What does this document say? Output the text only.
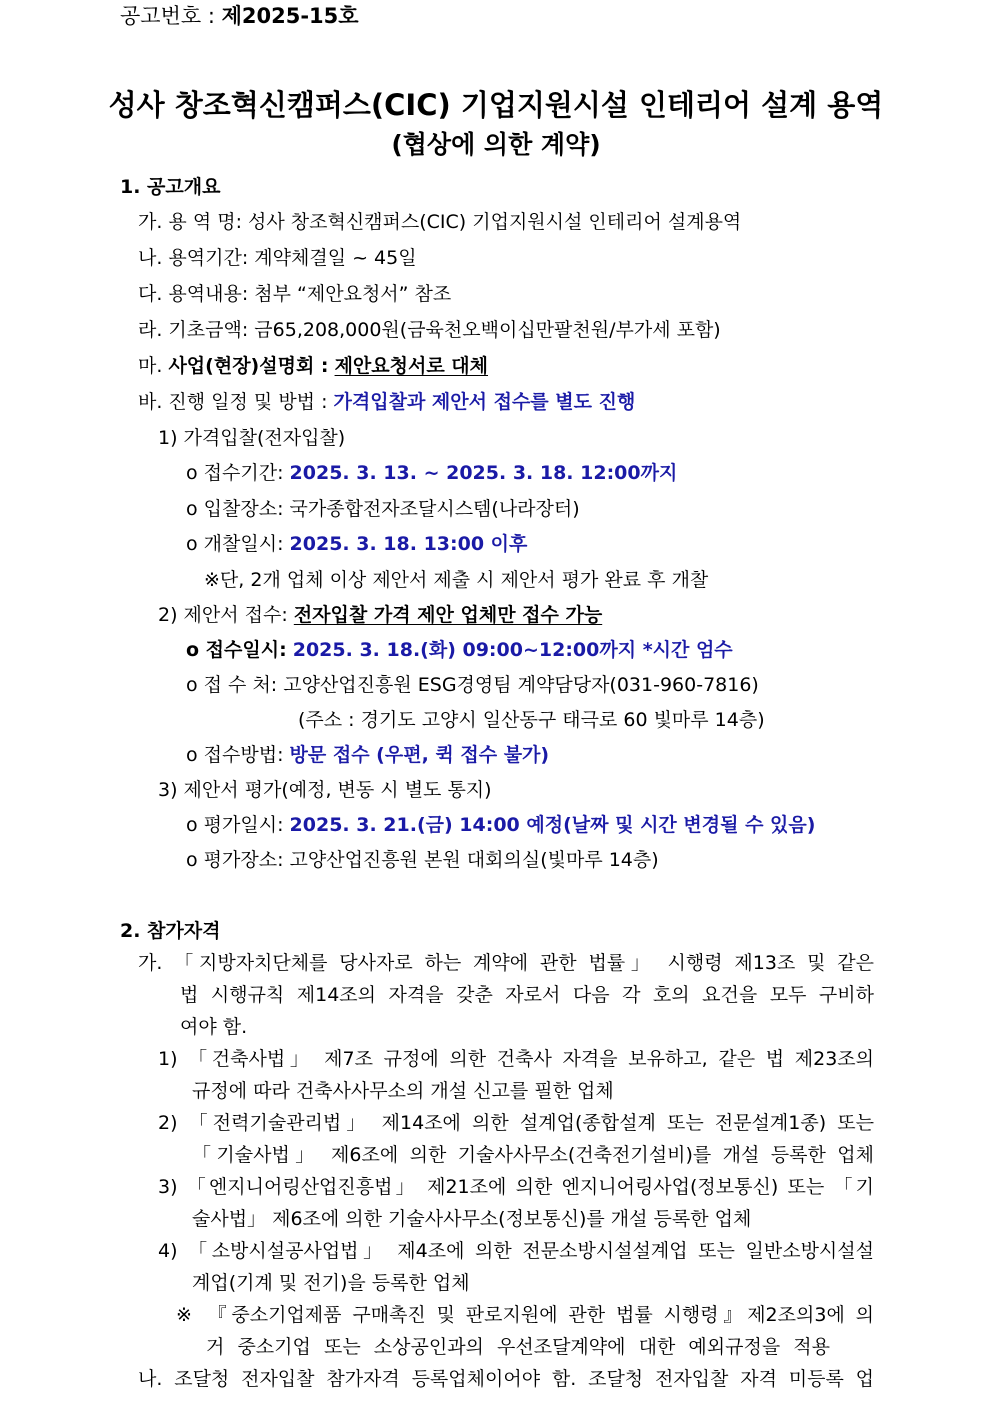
공고번호 : 제2025-15호
성사 창조혁신캠퍼스(CIC) 기업지원시설 인테리어 설계 용역
(협상에 의한 계약)
1. 공고개요
가. 용 역 명: 성사 창조혁신캠퍼스(CIC) 기업지원시설 인테리어 설계용역
나. 용역기간: 계약체결일 ~ 45일
다. 용역내용: 첨부 “제안요청서” 참조
라. 기초금액: 금65,208,000원(금육천오백이십만팔천원/부가세 포함)
마. 사업(현장)설명회 : 제안요청서로 대체
바. 진행 일정 및 방법 : 가격입찰과 제안서 접수를 별도 진행
1) 가격입찰(전자입찰)
o 접수기간: 2025. 3. 13. ~ 2025. 3. 18. 12:00까지
o 입찰장소: 국가종합전자조달시스템(나라장터)
o 개찰일시: 2025. 3. 18. 13:00 이후
※단, 2개 업체 이상 제안서 제출 시 제안서 평가 완료 후 개찰
2) 제안서 접수: 전자입찰 가격 제안 업체만 접수 가능
o 접수일시: 2025. 3. 18.(화) 09:00~12:00까지 *시간 엄수
o 접 수 처: 고양산업진흥원 ESG경영팀 계약담당자(031-960-7816)
(주소 : 경기도 고양시 일산동구 태극로 60 빛마루 14층)
o 접수방법: 방문 접수 (우편, 퀵 접수 불가)
3) 제안서 평가(예정, 변동 시 별도 통지)
o 평가일시: 2025. 3. 21.(금) 14:00 예정(날짜 및 시간 변경될 수 있음)
o 평가장소: 고양산업진흥원 본원 대회의실(빛마루 14층)
2. 참가자격
가. 「지방자치단체를 당사자로 하는 계약에 관한 법률」 시행령 제13조 및 같은
법 시행규칙 제14조의 자격을 갖춘 자로서 다음 각 호의 요건을 모두 구비하
여야 함.
1) 「건축사법」 제7조 규정에 의한 건축사 자격을 보유하고, 같은 법 제23조의
규정에 따라 건축사사무소의 개설 신고를 필한 업체
2) 「전력기술관리법」 제14조에 의한 설계업(종합설계 또는 전문설계1종) 또는
「기술사법」 제6조에 의한 기술사사무소(건축전기설비)를 개설 등록한 업체
3) 「엔지니어링산업진흥법」 제21조에 의한 엔지니어링사업(정보통신) 또는 「기
술사법」 제6조에 의한 기술사사무소(정보통신)를 개설 등록한 업체
4) 「소방시설공사업법」 제4조에 의한 전문소방시설설계업 또는 일반소방시설설
계업(기계 및 전기)을 등록한 업체
※ 『중소기업제품 구매촉진 및 판로지원에 관한 법률 시행령』제2조의3에 의
거 중소기업 또는 소상공인과의 우선조달계약에 대한 예외규정을 적용
나. 조달청 전자입찰 참가자격 등록업체이어야 함. 조달청 전자입찰 자격 미등록 업
